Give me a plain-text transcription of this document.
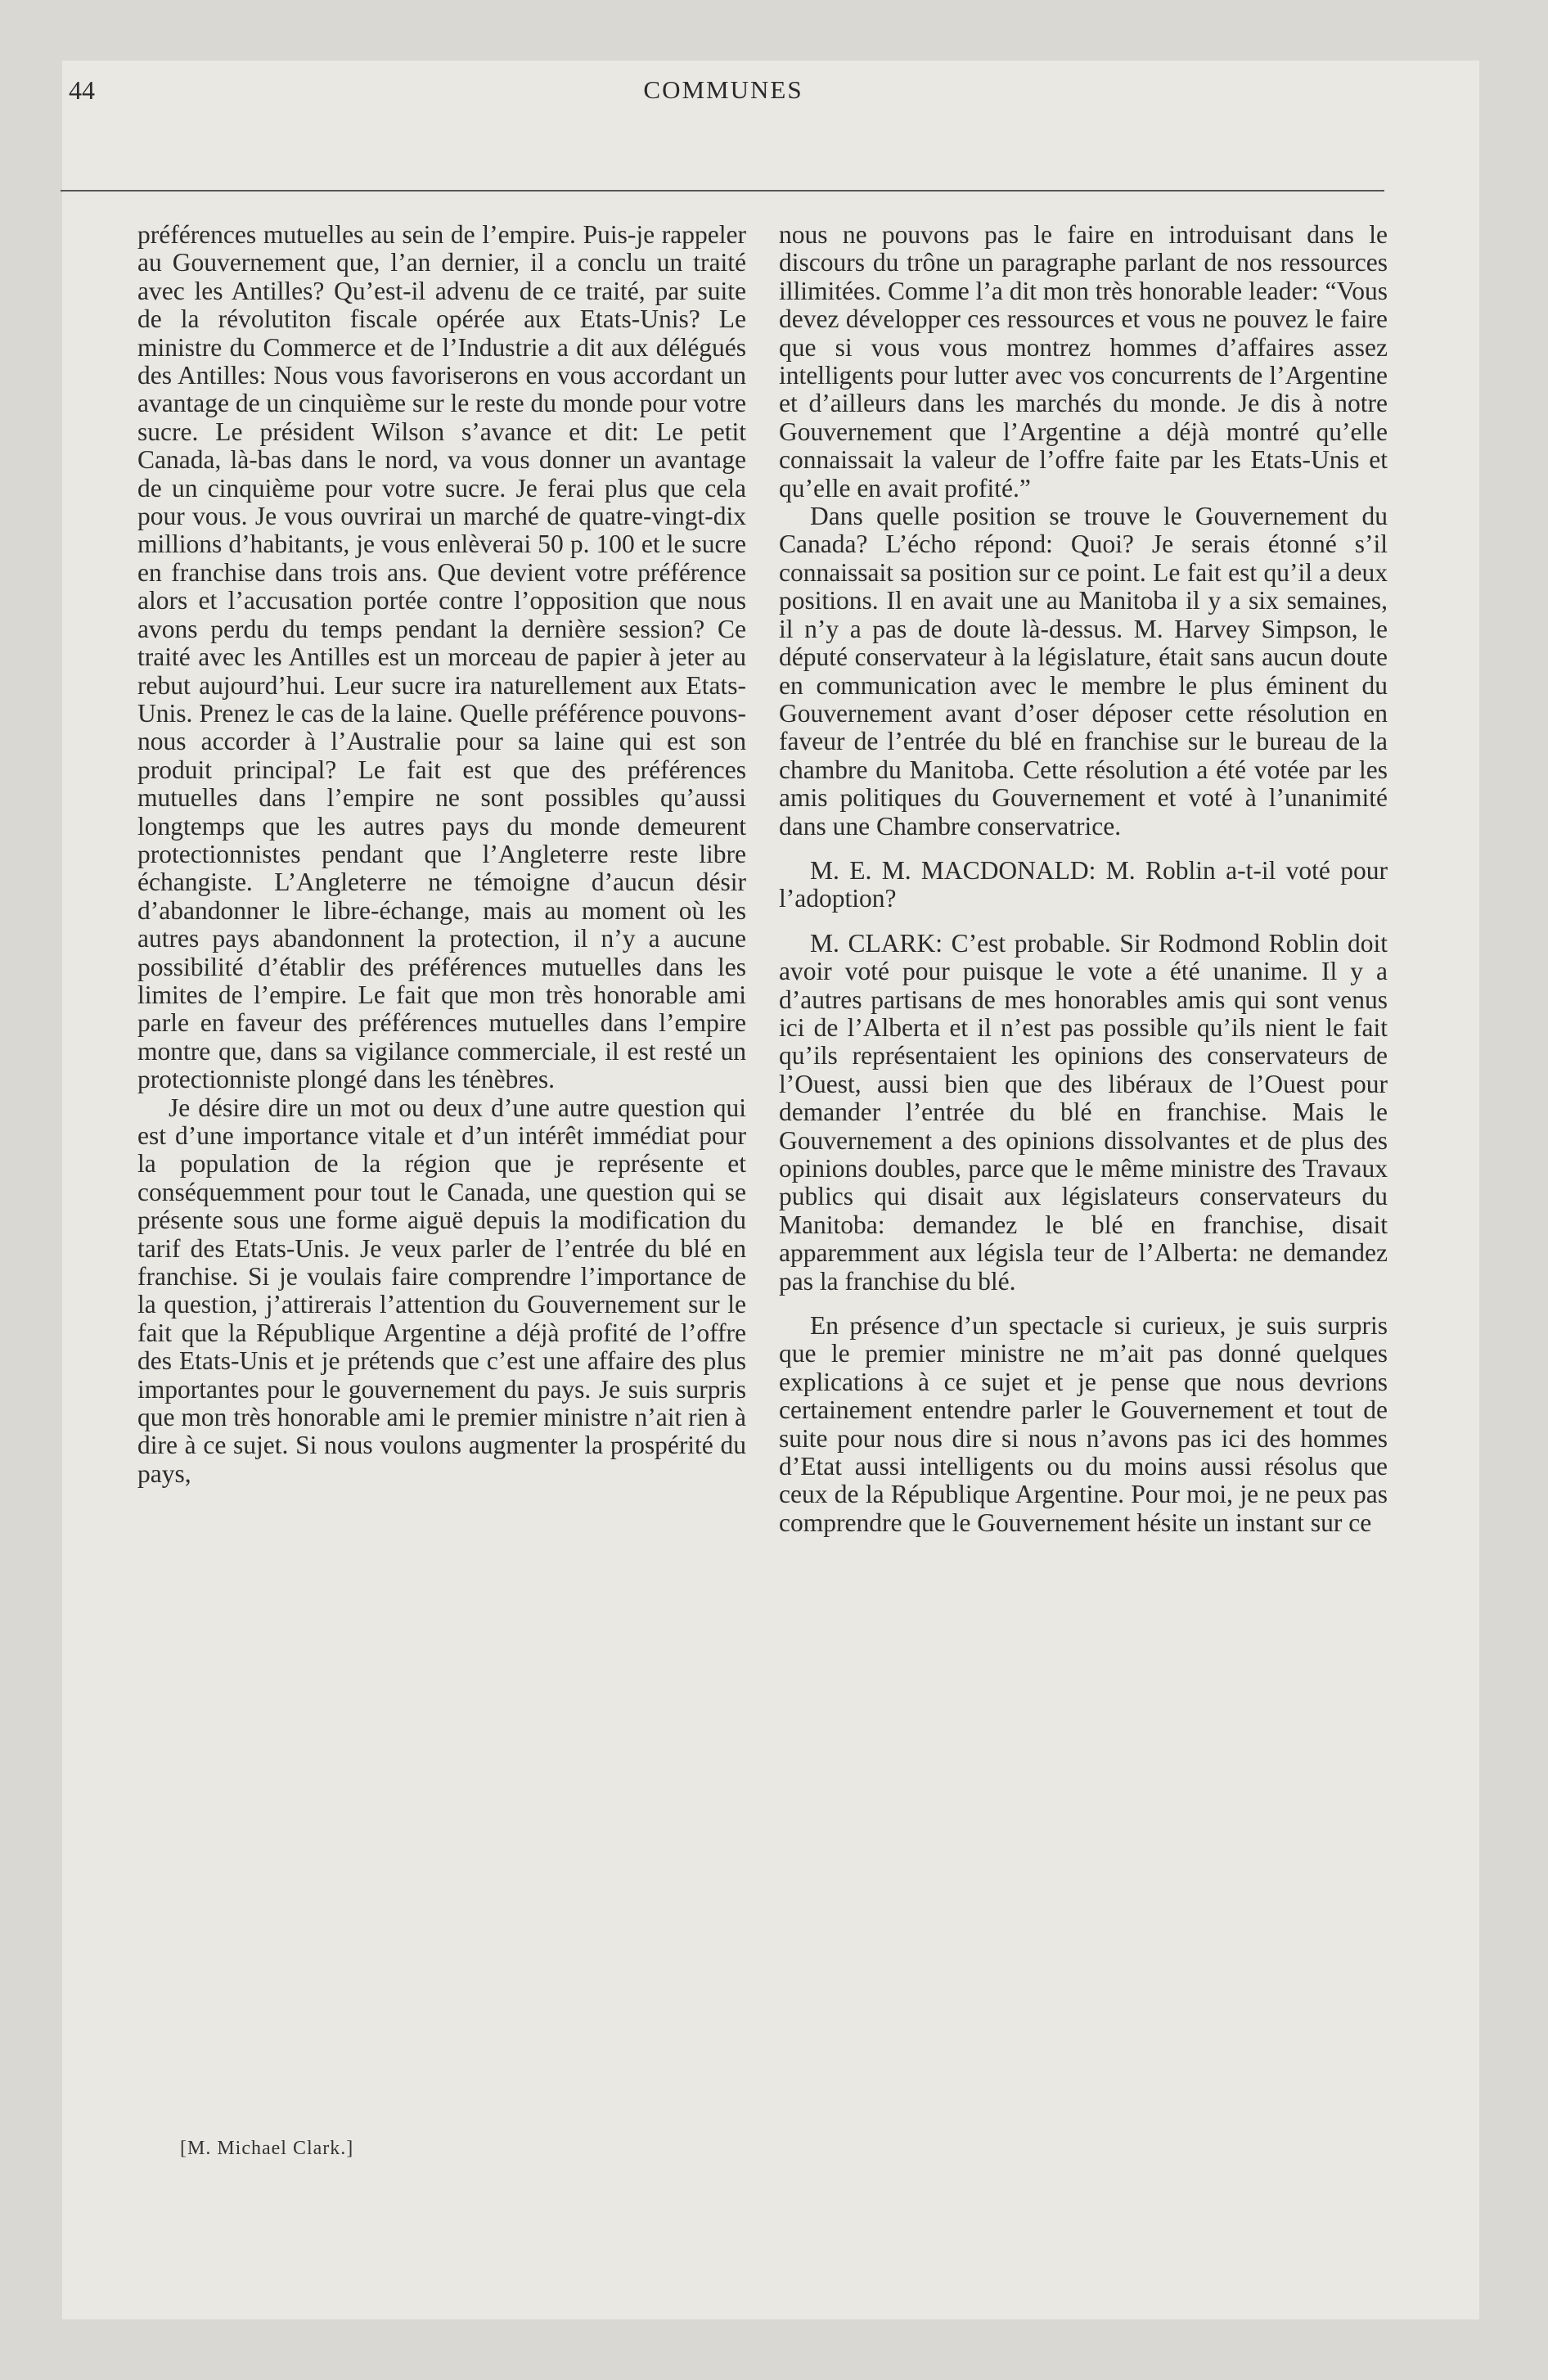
44	COMMUNES

préférences mutuelles au sein de l’empire. Puis-je rappeler au Gouvernement que, l’an dernier, il a conclu un traité avec les Antilles? Qu’est-il advenu de ce traité, par suite de la révolutiton fiscale opérée aux Etats-Unis? Le ministre du Commerce et de l’Industrie a dit aux délégués des Antilles: Nous vous favoriserons en vous accordant un avantage de un cinquième sur le reste du monde pour votre sucre. Le président Wilson s’avance et dit: Le petit Canada, là-bas dans le nord, va vous donner un avantage de un cinquième pour votre sucre. Je ferai plus que cela pour vous. Je vous ouvrirai un marché de quatre-vingt-dix millions d’habitants, je vous enlèverai 50 p. 100 et le sucre en franchise dans trois ans. Que devient votre préférence alors et l’accusation portée contre l’opposition que nous avons perdu du temps pendant la dernière session? Ce traité avec les Antilles est un morceau de papier à jeter au rebut aujourd’hui. Leur sucre ira naturellement aux Etats-Unis. Prenez le cas de la laine. Quelle préférence pouvons-nous accorder à l’Australie pour sa laine qui est son produit principal? Le fait est que des préférences mutuelles dans l’empire ne sont possibles qu’aussi longtemps que les autres pays du monde demeurent protectionnistes pendant que l’Angleterre reste libre échangiste. L’Angleterre ne témoigne d’aucun désir d’abandonner le libre-échange, mais au moment où les autres pays abandonnent la protection, il n’y a aucune possibilité d’établir des préférences mutuelles dans les limites de l’empire. Le fait que mon très honorable ami parle en faveur des préférences mutuelles dans l’empire montre que, dans sa vigilance commerciale, il est resté un protectionniste plongé dans les ténèbres.

Je désire dire un mot ou deux d’une autre question qui est d’une importance vitale et d’un intérêt immédiat pour la population de la région que je représente et conséquemment pour tout le Canada, une question qui se présente sous une forme aiguë depuis la modification du tarif des Etats-Unis. Je veux parler de l’entrée du blé en franchise. Si je voulais faire comprendre l’importance de la question, j’attirerais l’attention du Gouvernement sur le fait que la République Argentine a déjà profité de l’offre des Etats-Unis et je prétends que c’est une affaire des plus importantes pour le gouvernement du pays. Je suis surpris que mon très honorable ami le premier ministre n’ait rien à dire à ce sujet. Si nous voulons augmenter la prospérité du pays,

nous ne pouvons pas le faire en introduisant dans le discours du trône un paragraphe parlant de nos ressources illimitées. Comme l’a dit mon très honorable leader: “Vous devez développer ces ressources et vous ne pouvez le faire que si vous vous montrez hommes d’affaires assez intelligents pour lutter avec vos concurrents de l’Argentine et d’ailleurs dans les marchés du monde. Je dis à notre Gouvernement que l’Argentine a déjà montré qu’elle connaissait la valeur de l’offre faite par les Etats-Unis et qu’elle en avait profité.”

Dans quelle position se trouve le Gouvernement du Canada? L’écho répond: Quoi? Je serais étonné s’il connaissait sa position sur ce point. Le fait est qu’il a deux positions. Il en avait une au Manitoba il y a six semaines, il n’y a pas de doute là-dessus. M. Harvey Simpson, le député conservateur à la législature, était sans aucun doute en communication avec le membre le plus éminent du Gouvernement avant d’oser déposer cette résolution en faveur de l’entrée du blé en franchise sur le bureau de la chambre du Manitoba. Cette résolution a été votée par les amis politiques du Gouvernement et voté à l’unanimité dans une Chambre conservatrice.

M. E. M. MACDONALD: M. Roblin a-t-il voté pour l’adoption?

M. CLARK: C’est probable. Sir Rodmond Roblin doit avoir voté pour puisque le vote a été unanime. Il y a d’autres partisans de mes honorables amis qui sont venus ici de l’Alberta et il n’est pas possible qu’ils nient le fait qu’ils représentaient les opinions des conservateurs de l’Ouest, aussi bien que des libéraux de l’Ouest pour demander l’entrée du blé en franchise. Mais le Gouvernement a des opinions dissolvantes et de plus des opinions doubles, parce que le même ministre des Travaux publics qui disait aux législateurs conservateurs du Manitoba: demandez le blé en franchise, disait apparemment aux législa teur de l’Alberta: ne demandez pas la franchise du blé.

En présence d’un spectacle si curieux, je suis surpris que le premier ministre ne m’ait pas donné quelques explications à ce sujet et je pense que nous devrions certainement entendre parler le Gouvernement et tout de suite pour nous dire si nous n’avons pas ici des hommes d’Etat aussi intelligents ou du moins aussi résolus que ceux de la République Argentine. Pour moi, je ne peux pas comprendre que le Gouvernement hésite un instant sur ce

[M. Michael Clark.]
